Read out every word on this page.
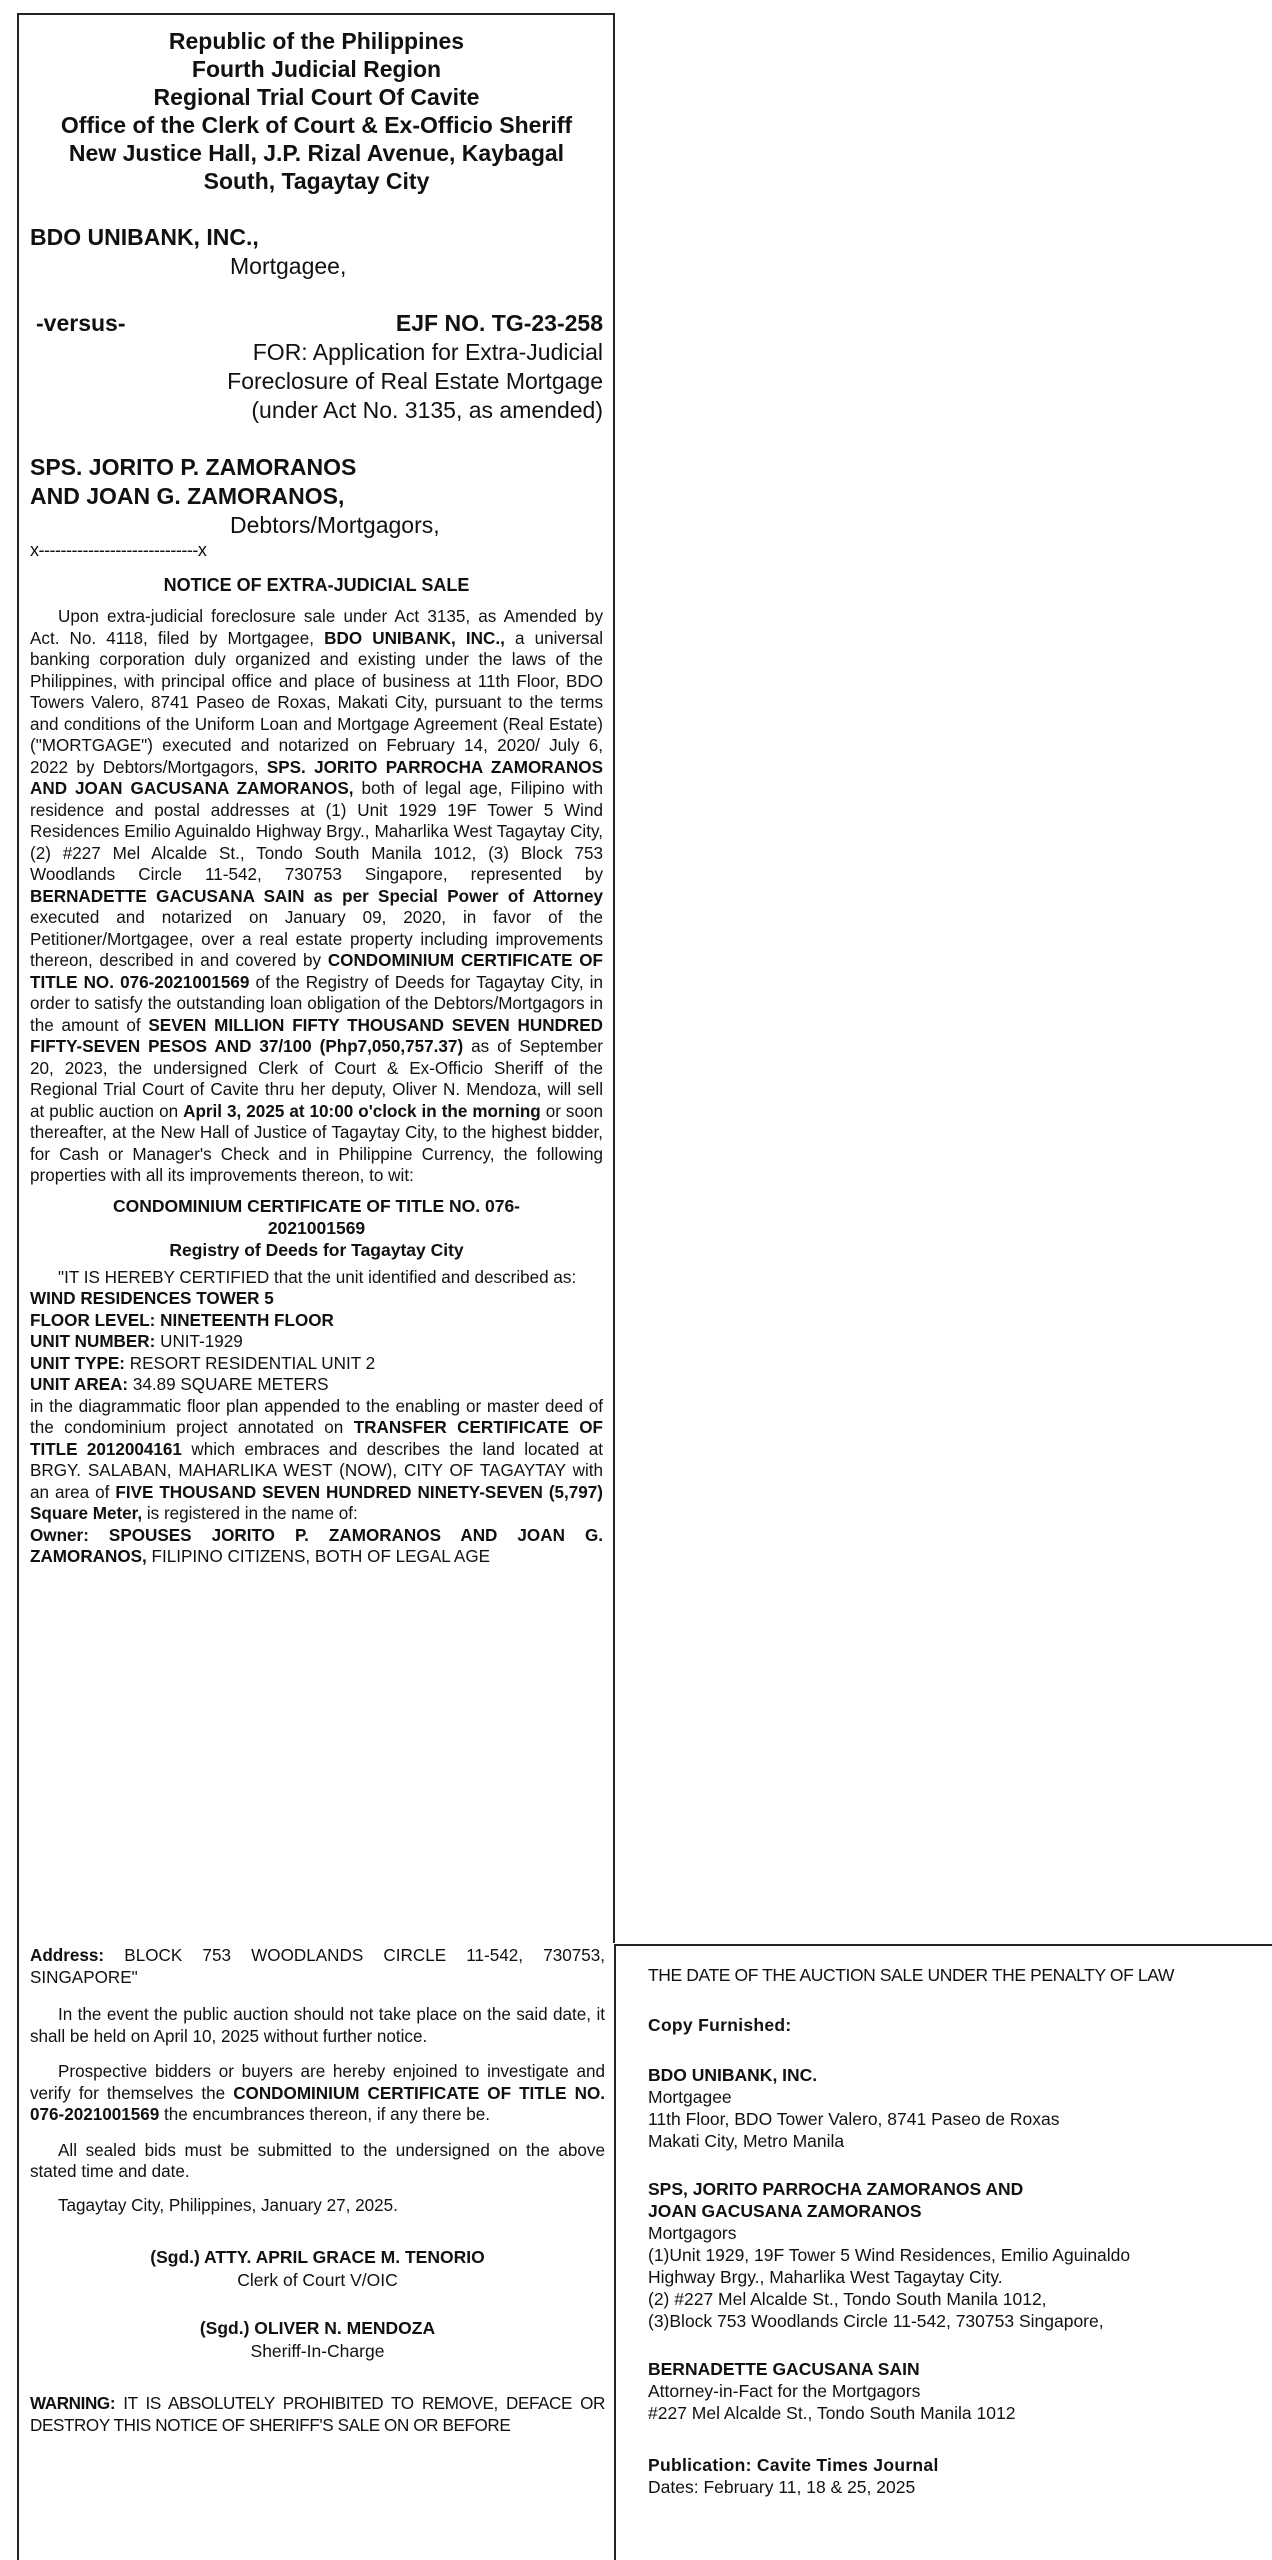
Republic of the Philippines
Fourth Judicial Region
Regional Trial Court Of Cavite
Office of the Clerk of Court & Ex-Officio Sheriff
New Justice Hall, J.P. Rizal Avenue, Kaybagal
South, Tagaytay City
BDO UNIBANK, INC.,
Mortgagee,
-versus-	EJF NO. TG-23-258
FOR: Application for Extra-Judicial
Foreclosure of Real Estate Mortgage
(under Act No. 3135, as amended)
SPS. JORITO P. ZAMORANOS
AND JOAN G. ZAMORANOS,
Debtors/Mortgagors,
x-----------------------------x
NOTICE OF EXTRA-JUDICIAL SALE

Upon extra-judicial foreclosure sale under Act 3135, as Amended by Act. No. 4118, filed by Mortgagee, BDO UNIBANK, INC., a universal banking corporation duly organized and existing under the laws of the Philippines, with principal office and place of business at 11th Floor, BDO Towers Valero, 8741 Paseo de Roxas, Makati City, pursuant to the terms and conditions of the Uniform Loan and Mortgage Agreement (Real Estate) ("MORTGAGE") executed and notarized on February 14, 2020/ July 6, 2022 by Debtors/Mortgagors, SPS. JORITO PARROCHA ZAMORANOS AND JOAN GACUSANA ZAMORANOS, both of legal age, Filipino with residence and postal addresses at (1) Unit 1929 19F Tower 5 Wind Residences Emilio Aguinaldo Highway Brgy., Maharlika West Tagaytay City, (2) #227 Mel Alcalde St., Tondo South Manila 1012, (3) Block 753 Woodlands Circle 11-542, 730753 Singapore, represented by BERNADETTE GACUSANA SAIN as per Special Power of Attorney executed and notarized on January 09, 2020, in favor of the Petitioner/Mortgagee, over a real estate property including improvements thereon, described in and covered by CONDOMINIUM CERTIFICATE OF TITLE NO. 076-2021001569 of the Registry of Deeds for Tagaytay City, in order to satisfy the outstanding loan obligation of the Debtors/Mortgagors in the amount of SEVEN MILLION FIFTY THOUSAND SEVEN HUNDRED FIFTY-SEVEN PESOS AND 37/100 (Php7,050,757.37) as of September 20, 2023, the undersigned Clerk of Court & Ex-Officio Sheriff of the Regional Trial Court of Cavite thru her deputy, Oliver N. Mendoza, will sell at public auction on April 3, 2025 at 10:00 o'clock in the morning or soon thereafter, at the New Hall of Justice of Tagaytay City, to the highest bidder, for Cash or Manager's Check and in Philippine Currency, the following properties with all its improvements thereon, to wit:

CONDOMINIUM CERTIFICATE OF TITLE NO. 076-
2021001569
Registry of Deeds for Tagaytay City

"IT IS HEREBY CERTIFIED that the unit identified and described as:

WIND RESIDENCES TOWER 5

FLOOR LEVEL: NINETEENTH FLOOR

UNIT NUMBER: UNIT-1929

UNIT TYPE: RESORT RESIDENTIAL UNIT 2

UNIT AREA: 34.89 SQUARE METERS

in the diagrammatic floor plan appended to the enabling or master deed of the condominium project annotated on TRANSFER CERTIFICATE OF TITLE 2012004161 which embraces and describes the land located at BRGY. SALABAN, MAHARLIKA WEST (NOW), CITY OF TAGAYTAY with an area of FIVE THOUSAND SEVEN HUNDRED NINETY-SEVEN (5,797) Square Meter, is registered in the name of:

Owner: SPOUSES JORITO P. ZAMORANOS AND JOAN G. ZAMORANOS, FILIPINO CITIZENS, BOTH OF LEGAL AGE

Address: BLOCK 753 WOODLANDS CIRCLE 11-542, 730753, SINGAPORE"

In the event the public auction should not take place on the said date, it shall be held on April 10, 2025 without further notice.

Prospective bidders or buyers are hereby enjoined to investigate and verify for themselves the CONDOMINIUM CERTIFICATE OF TITLE NO. 076-2021001569 the encumbrances thereon, if any there be.

All sealed bids must be submitted to the undersigned on the above stated time and date.

Tagaytay City, Philippines, January 27, 2025.

(Sgd.) ATTY. APRIL GRACE M. TENORIO
Clerk of Court V/OIC
(Sgd.) OLIVER N. MENDOZA
Sheriff-In-Charge

WARNING: IT IS ABSOLUTELY PROHIBITED TO REMOVE, DEFACE OR DESTROY THIS NOTICE OF SHERIFF'S SALE ON OR BEFORE

THE DATE OF THE AUCTION SALE UNDER THE PENALTY OF LAW
Copy Furnished:
BDO UNIBANK, INC.
Mortgagee
11th Floor, BDO Tower Valero, 8741 Paseo de Roxas
Makati City, Metro Manila
SPS, JORITO PARROCHA ZAMORANOS AND
JOAN GACUSANA ZAMORANOS
Mortgagors
(1)Unit 1929, 19F Tower 5 Wind Residences, Emilio Aguinaldo
Highway Brgy., Maharlika West Tagaytay City.
(2) #227 Mel Alcalde St., Tondo South Manila 1012,
(3)Block 753 Woodlands Circle 11-542, 730753 Singapore,
BERNADETTE GACUSANA SAIN
Attorney-in-Fact for the Mortgagors
#227 Mel Alcalde St., Tondo South Manila 1012
Publication: Cavite Times Journal
Dates: February 11, 18 & 25, 2025
